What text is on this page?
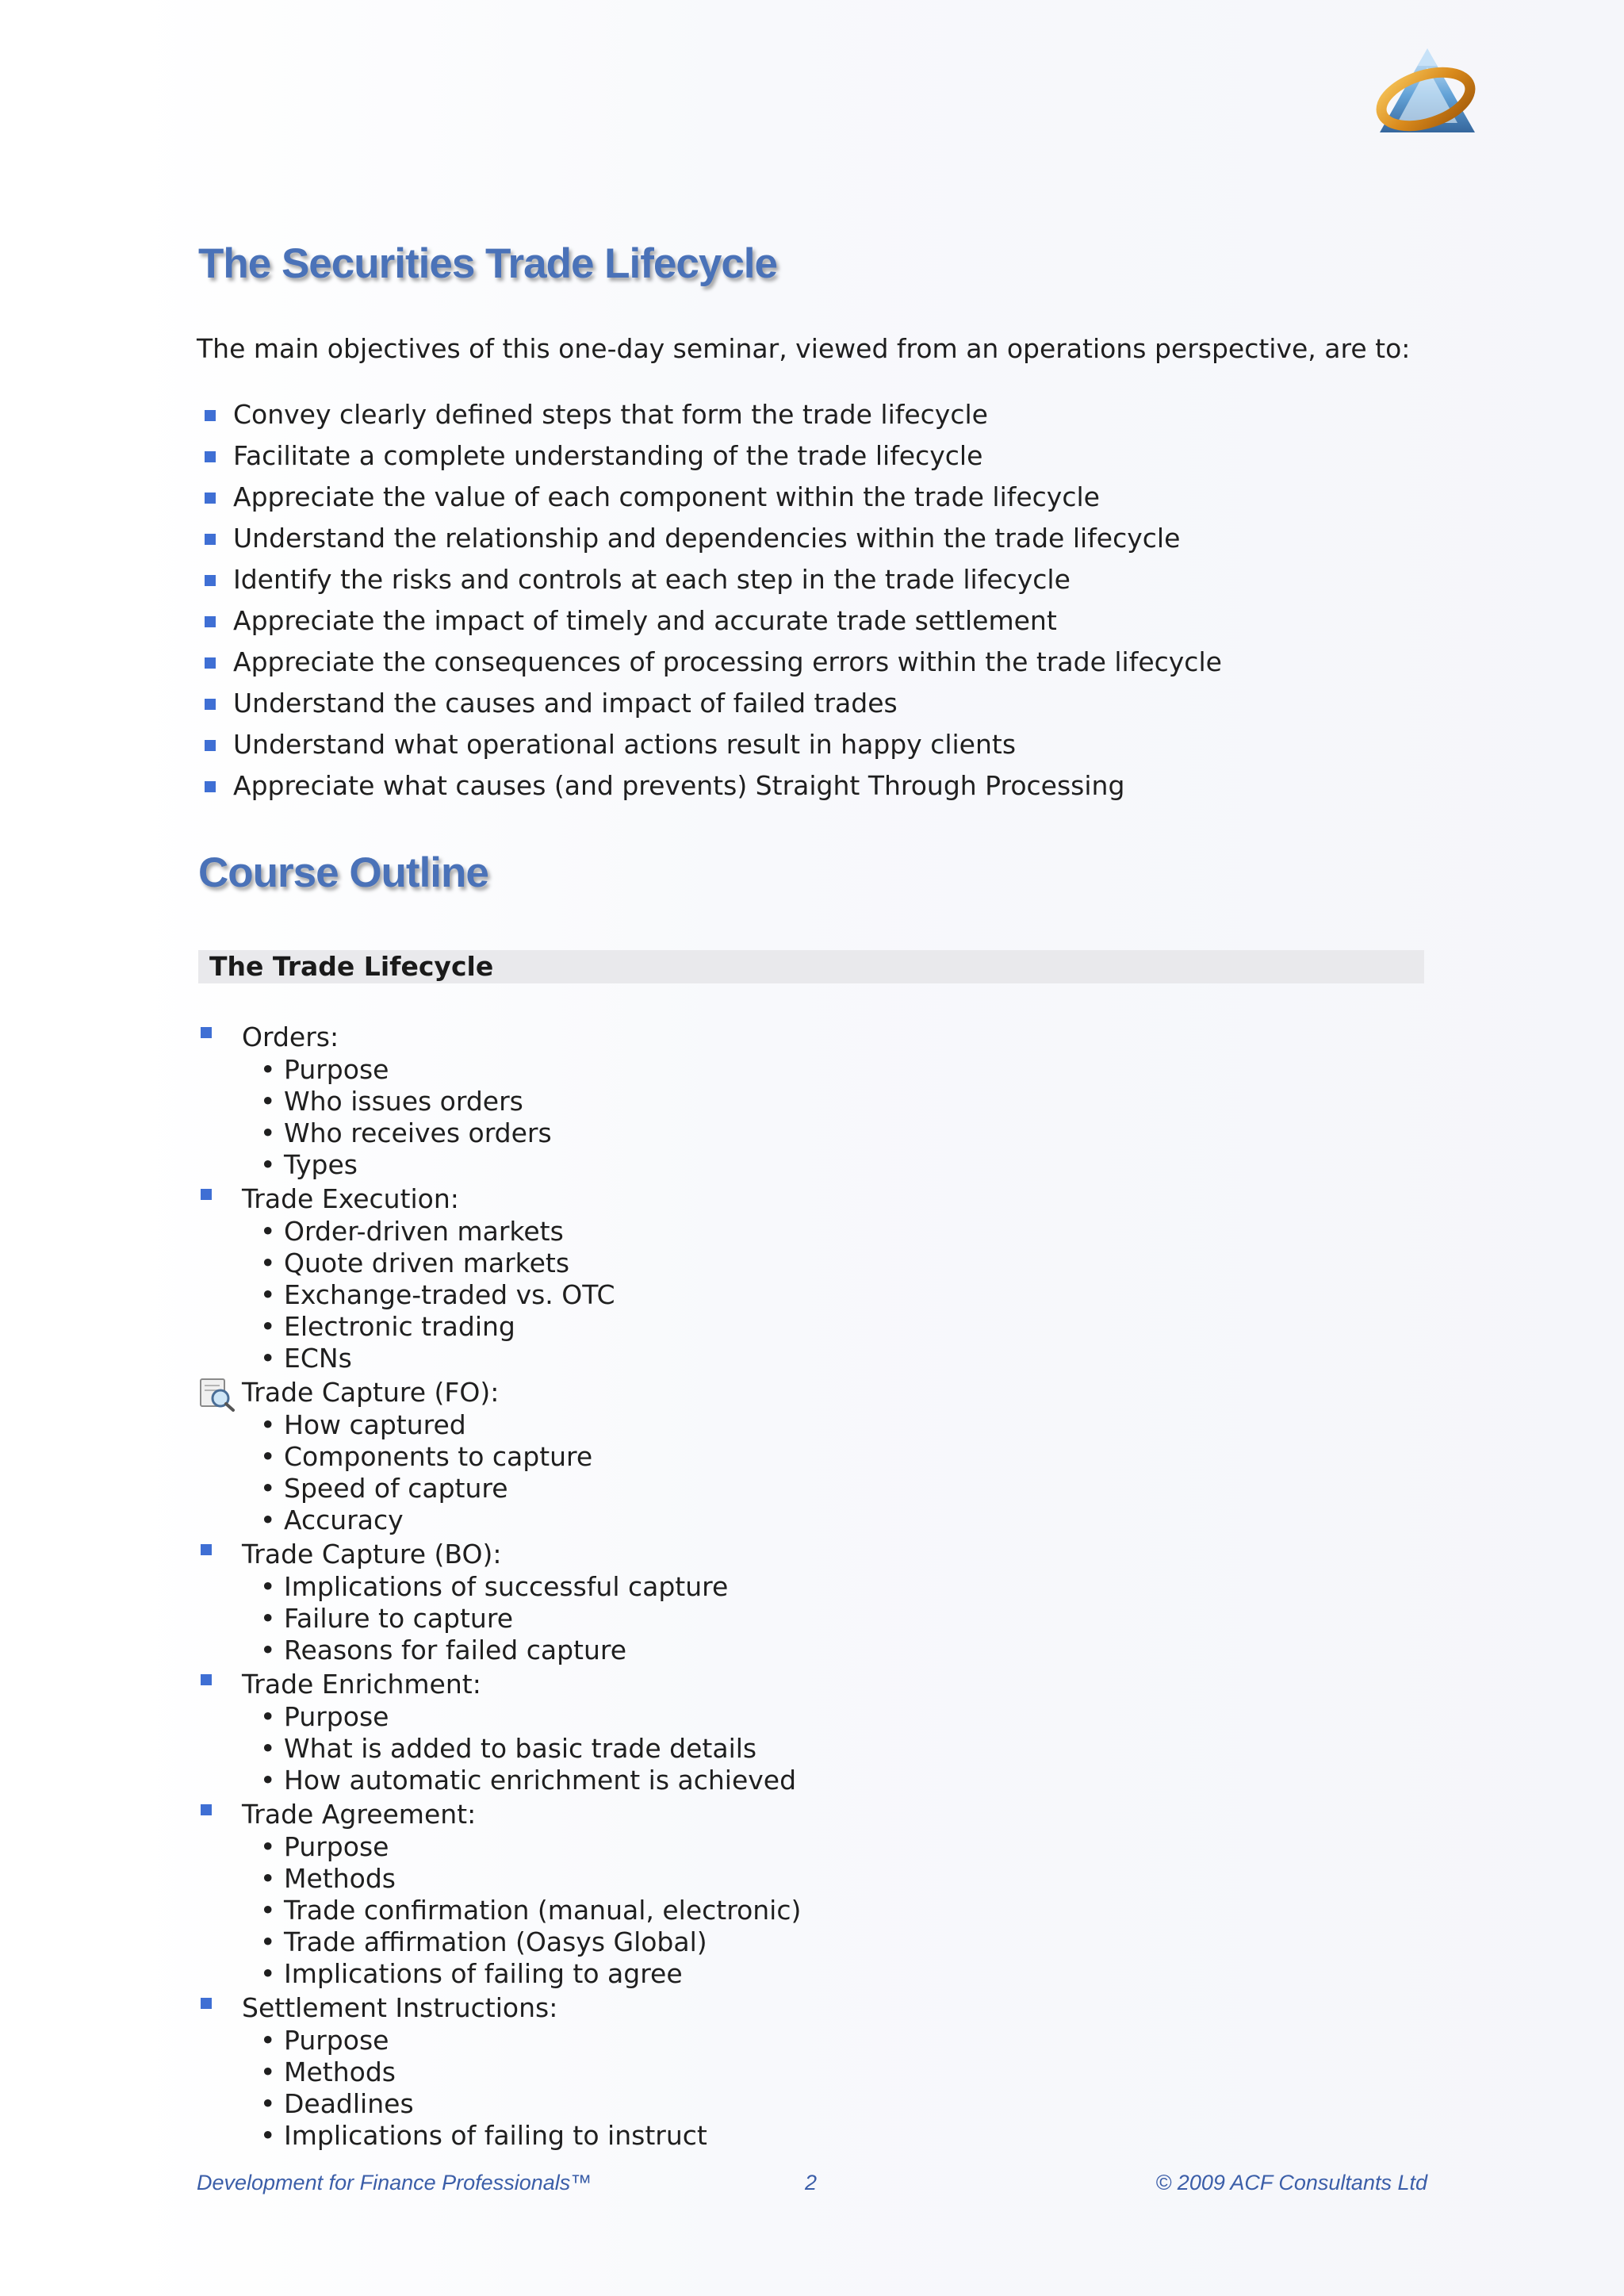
The Securities Trade Lifecycle
The main objectives of this one-day seminar, viewed from an operations perspective, are to:
Convey clearly defined steps that form the trade lifecycle
Facilitate a complete understanding of the trade lifecycle
Appreciate the value of each component within the trade lifecycle
Understand the relationship and dependencies within the trade lifecycle
Identify the risks and controls at each step in the trade lifecycle
Appreciate the impact of timely and accurate trade settlement
Appreciate the consequences of processing errors within the trade lifecycle
Understand the causes and impact of failed trades
Understand what operational actions result in happy clients
Appreciate what causes (and prevents) Straight Through Processing
Course Outline
The Trade Lifecycle
Orders:
• Purpose
• Who issues orders
• Who receives orders
• Types
Trade Execution:
• Order-driven markets
• Quote driven markets
• Exchange-traded vs. OTC
• Electronic trading
• ECNs
Trade Capture (FO):
• How captured
• Components to capture
• Speed of capture
• Accuracy
Trade Capture (BO):
• Implications of successful capture
• Failure to capture
• Reasons for failed capture
Trade Enrichment:
• Purpose
• What is added to basic trade details
• How automatic enrichment is achieved
Trade Agreement:
• Purpose
• Methods
• Trade confirmation (manual, electronic)
• Trade affirmation (Oasys Global)
• Implications of failing to agree
Settlement Instructions:
• Purpose
• Methods
• Deadlines
• Implications of failing to instruct
Development for Finance Professionals™	2	© 2009 ACF Consultants Ltd
